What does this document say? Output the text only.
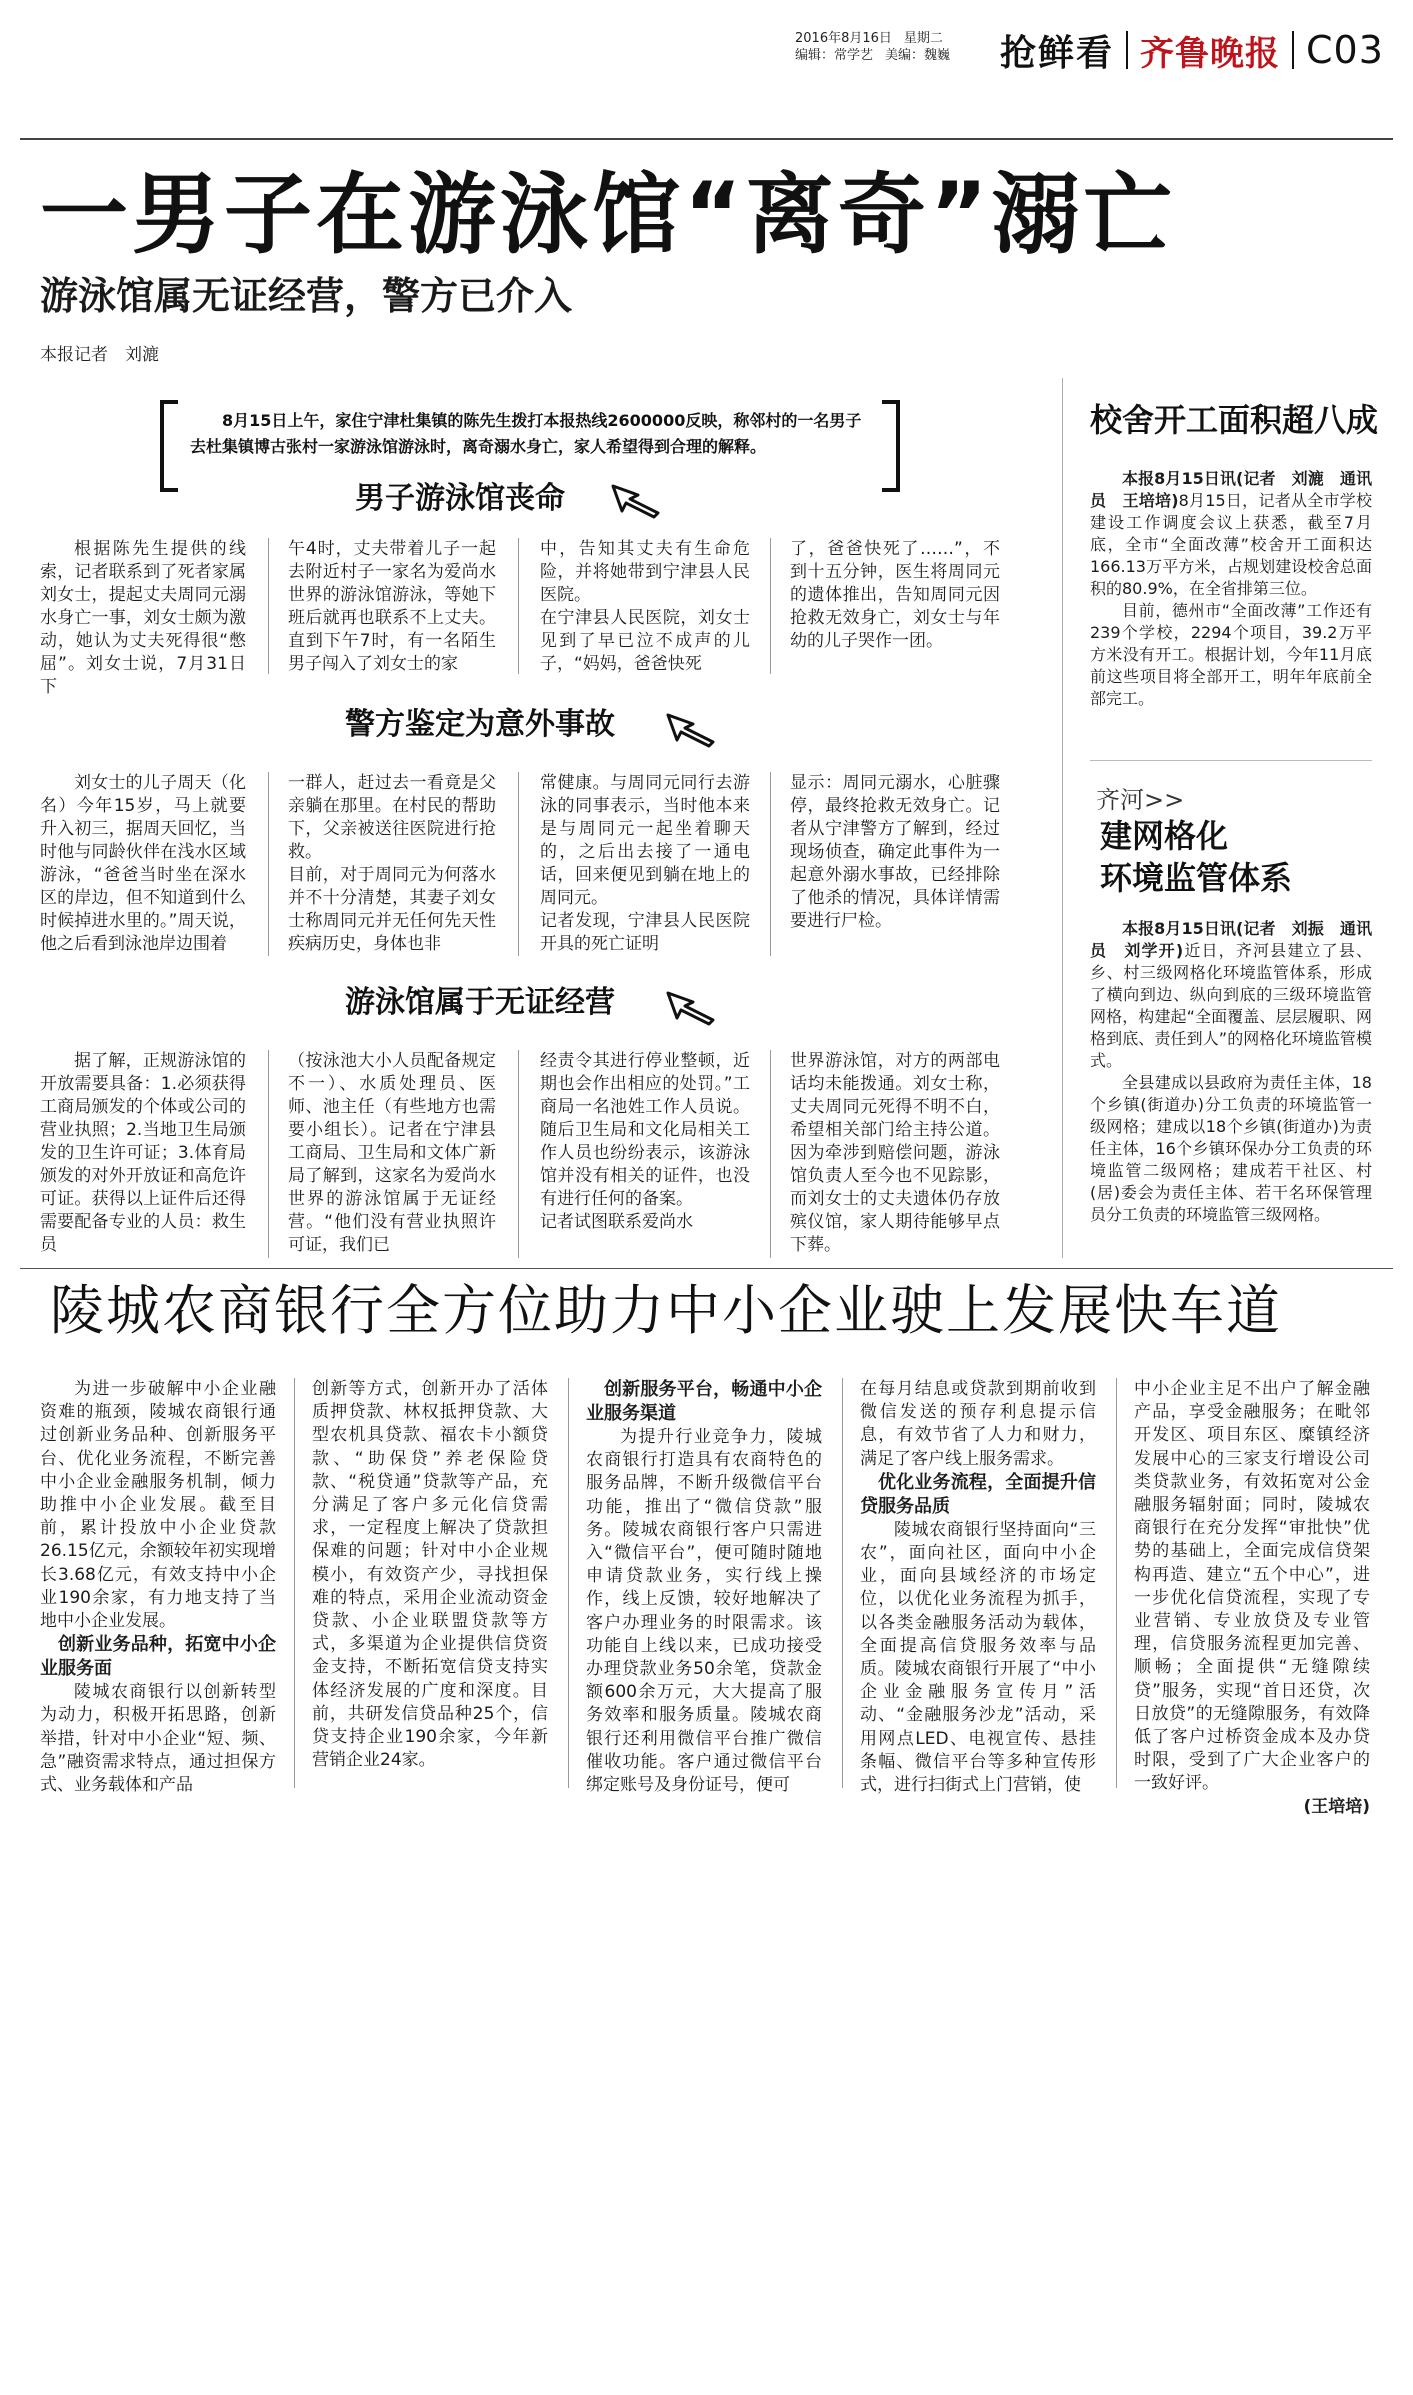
2016年8月16日 星期二
编辑：常学艺 美编：魏巍	抢鲜看 齐鲁晚报 C03
一男子在游泳馆“离奇”溺亡
游泳馆属无证经营，警方已介入
本报记者　刘漉

8月15日上午，家住宁津杜集镇的陈先生拨打本报热线2600000反映，称邻村的一名男子去杜集镇博古张村一家游泳馆游泳时，离奇溺水身亡，家人希望得到合理的解释。

男子游泳馆丧命

根据陈先生提供的线索，记者联系到了死者家属刘女士，提起丈夫周同元溺水身亡一事，刘女士颇为激动，她认为丈夫死得很“憋屈”。刘女士说，7月31日下

午4时，丈夫带着儿子一起去附近村子一家名为爱尚水世界的游泳馆游泳，等她下班后就再也联系不上丈夫。直到下午7时，有一名陌生男子闯入了刘女士的家

中，告知其丈夫有生命危险，并将她带到宁津县人民医院。
在宁津县人民医院，刘女士见到了早已泣不成声的儿子，“妈妈，爸爸快死

了，爸爸快死了……”，不到十五分钟，医生将周同元的遗体推出，告知周同元因抢救无效身亡，刘女士与年幼的儿子哭作一团。

警方鉴定为意外事故

刘女士的儿子周天（化名）今年15岁，马上就要升入初三，据周天回忆，当时他与同龄伙伴在浅水区域游泳，“爸爸当时坐在深水区的岸边，但不知道到什么时候掉进水里的。”周天说，他之后看到泳池岸边围着

一群人，赶过去一看竟是父亲躺在那里。在村民的帮助下，父亲被送往医院进行抢救。
目前，对于周同元为何落水并不十分清楚，其妻子刘女士称周同元并无任何先天性疾病历史，身体也非

常健康。与周同元同行去游泳的同事表示，当时他本来是与周同元一起坐着聊天的，之后出去接了一通电话，回来便见到躺在地上的周同元。
记者发现，宁津县人民医院开具的死亡证明

显示：周同元溺水，心脏骤停，最终抢救无效身亡。记者从宁津警方了解到，经过现场侦查，确定此事件为一起意外溺水事故，已经排除了他杀的情况，具体详情需要进行尸检。

游泳馆属于无证经营

据了解，正规游泳馆的开放需要具备：1.必须获得工商局颁发的个体或公司的营业执照；2.当地卫生局颁发的卫生许可证；3.体育局颁发的对外开放证和高危许可证。获得以上证件后还得需要配备专业的人员：救生员

（按泳池大小人员配备规定不一）、水质处理员、医师、池主任（有些地方也需要小组长）。记者在宁津县工商局、卫生局和文体广新局了解到，这家名为爱尚水世界的游泳馆属于无证经营。“他们没有营业执照许可证，我们已

经责令其进行停业整顿，近期也会作出相应的处罚。”工商局一名池姓工作人员说。随后卫生局和文化局相关工作人员也纷纷表示，该游泳馆并没有相关的证件，也没有进行任何的备案。
记者试图联系爱尚水

世界游泳馆，对方的两部电话均未能拨通。刘女士称，丈夫周同元死得不明不白，希望相关部门给主持公道。因为牵涉到赔偿问题，游泳馆负责人至今也不见踪影，而刘女士的丈夫遗体仍存放殡仪馆，家人期待能够早点下葬。

校舍开工面积超八成

本报8月15日讯(记者　刘漉　通讯员　王培培)8月15日，记者从全市学校建设工作调度会议上获悉，截至7月底，全市“全面改薄”校舍开工面积达166.13万平方米，占规划建设校舍总面积的80.9%，在全省排第三位。

目前，德州市“全面改薄”工作还有239个学校，2294个项目，39.2万平方米没有开工。根据计划，今年11月底前这些项目将全部开工，明年年底前全部完工。

齐河>>
建网格化
环境监管体系

本报8月15日讯(记者　刘振　通讯员　刘学开)近日，齐河县建立了县、乡、村三级网格化环境监管体系，形成了横向到边、纵向到底的三级环境监管网格，构建起“全面覆盖、层层履职、网格到底、责任到人”的网格化环境监管模式。

全县建成以县政府为责任主体，18个乡镇(街道办)分工负责的环境监管一级网格；建成以18个乡镇(街道办)为责任主体，16个乡镇环保办分工负责的环境监管二级网格；建成若干社区、村(居)委会为责任主体、若干名环保管理员分工负责的环境监管三级网格。

陵城农商银行全方位助力中小企业驶上发展快车道

为进一步破解中小企业融资难的瓶颈，陵城农商银行通过创新业务品种、创新服务平台、优化业务流程，不断完善中小企业金融服务机制，倾力助推中小企业发展。截至目前，累计投放中小企业贷款26.15亿元，余额较年初实现增长3.68亿元，有效支持中小企业190余家，有力地支持了当地中小企业发展。

创新业务品种，拓宽中小企业服务面

陵城农商银行以创新转型为动力，积极开拓思路，创新举措，针对中小企业“短、频、急”融资需求特点，通过担保方式、业务载体和产品

创新等方式，创新开办了活体质押贷款、林权抵押贷款、大型农机具贷款、福农卡小额贷款、“助保贷”养老保险贷款、“税贷通”贷款等产品，充分满足了客户多元化信贷需求，一定程度上解决了贷款担保难的问题；针对中小企业规模小，有效资产少，寻找担保难的特点，采用企业流动资金贷款、小企业联盟贷款等方式，多渠道为企业提供信贷资金支持，不断拓宽信贷支持实体经济发展的广度和深度。目前，共研发信贷品种25个，信贷支持企业190余家，今年新营销企业24家。

创新服务平台，畅通中小企业服务渠道

为提升行业竞争力，陵城农商银行打造具有农商特色的服务品牌，不断升级微信平台功能，推出了“微信贷款”服务。陵城农商银行客户只需进入“微信平台”，便可随时随地申请贷款业务，实行线上操作，线上反馈，较好地解决了客户办理业务的时限需求。该功能自上线以来，已成功接受办理贷款业务50余笔，贷款金额600余万元，大大提高了服务效率和服务质量。陵城农商银行还利用微信平台推广微信催收功能。客户通过微信平台绑定账号及身份证号，便可

在每月结息或贷款到期前收到微信发送的预存利息提示信息，有效节省了人力和财力，满足了客户线上服务需求。

优化业务流程，全面提升信贷服务品质

陵城农商银行坚持面向“三农”，面向社区，面向中小企业，面向县域经济的市场定位，以优化业务流程为抓手，以各类金融服务活动为载体，全面提高信贷服务效率与品质。陵城农商银行开展了“中小企业金融服务宣传月”活动、“金融服务沙龙”活动，采用网点LED、电视宣传、悬挂条幅、微信平台等多种宣传形式，进行扫街式上门营销，使

中小企业主足不出户了解金融产品，享受金融服务；在毗邻开发区、项目东区、糜镇经济发展中心的三家支行增设公司类贷款业务，有效拓宽对公金融服务辐射面；同时，陵城农商银行在充分发挥“审批快”优势的基础上，全面完成信贷架构再造、建立“五个中心”，进一步优化信贷流程，实现了专业营销、专业放贷及专业管理，信贷服务流程更加完善、顺畅；全面提供“无缝隙续贷”服务，实现“首日还贷，次日放贷”的无缝隙服务，有效降低了客户过桥资金成本及办贷时限，受到了广大企业客户的一致好评。

(王培培)
